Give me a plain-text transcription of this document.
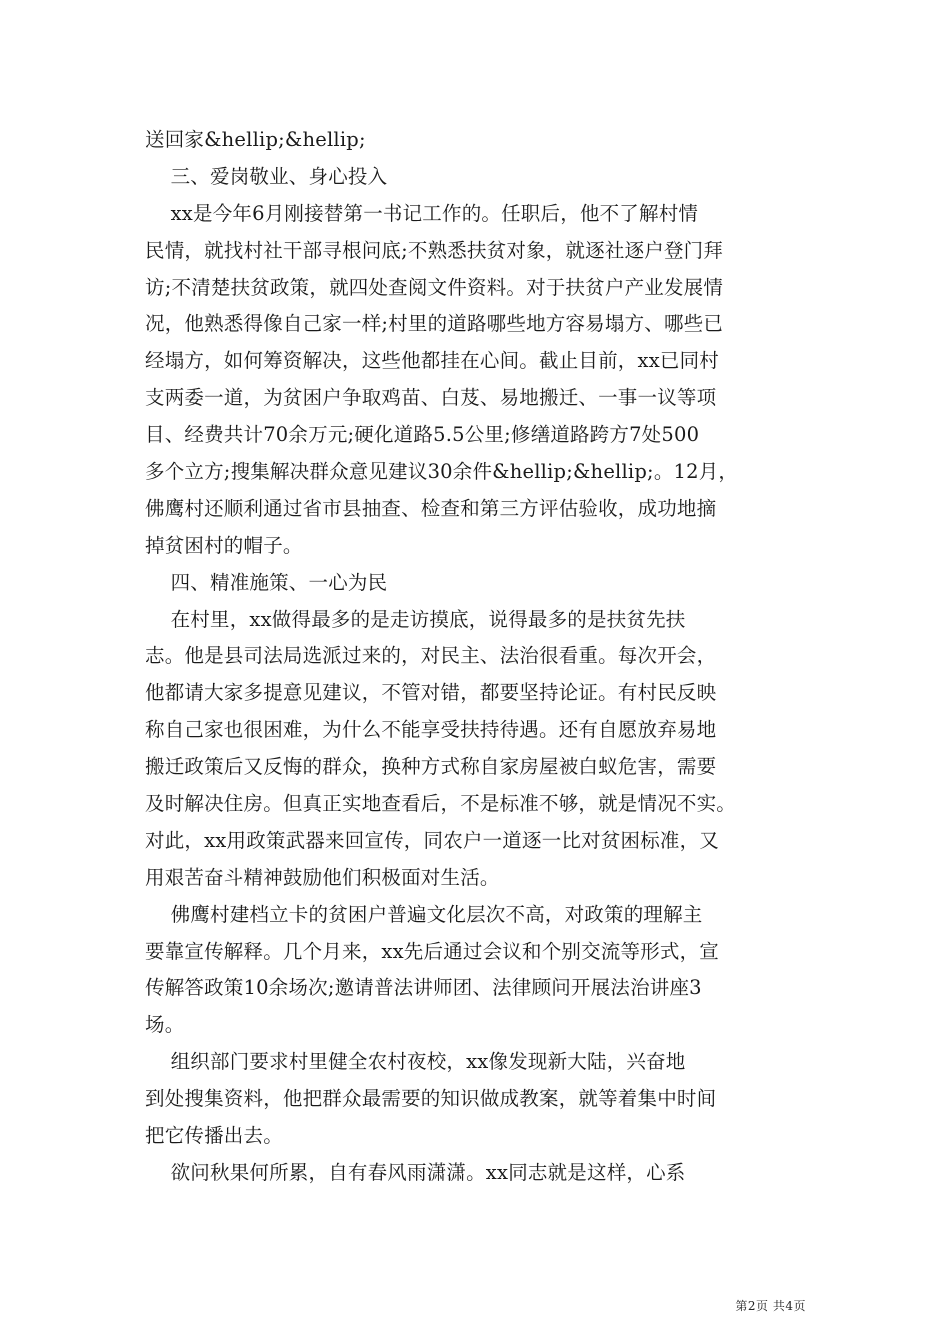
送回家&hellip;&hellip;
三、爱岗敬业、身心投入
xx是今年6月刚接替第一书记工作的。任职后，他不了解村情
民情，就找村社干部寻根问底;不熟悉扶贫对象，就逐社逐户登门拜
访;不清楚扶贫政策，就四处查阅文件资料。对于扶贫户产业发展情
况，他熟悉得像自己家一样;村里的道路哪些地方容易塌方、哪些已
经塌方，如何筹资解决，这些他都挂在心间。截止目前，xx已同村
支两委一道，为贫困户争取鸡苗、白芨、易地搬迁、一事一议等项
目、经费共计70余万元;硬化道路5.5公里;修缮道路跨方7处500
多个立方;搜集解决群众意见建议30余件&hellip;&hellip;。12月，
佛鹰村还顺利通过省市县抽查、检查和第三方评估验收，成功地摘
掉贫困村的帽子。
四、精准施策、一心为民
在村里，xx做得最多的是走访摸底，说得最多的是扶贫先扶
志。他是县司法局选派过来的，对民主、法治很看重。每次开会，
他都请大家多提意见建议，不管对错，都要坚持论证。有村民反映
称自己家也很困难，为什么不能享受扶持待遇。还有自愿放弃易地
搬迁政策后又反悔的群众，换种方式称自家房屋被白蚁危害，需要
及时解决住房。但真正实地查看后，不是标准不够，就是情况不实。
对此，xx用政策武器来回宣传，同农户一道逐一比对贫困标准，又
用艰苦奋斗精神鼓励他们积极面对生活。
佛鹰村建档立卡的贫困户普遍文化层次不高，对政策的理解主
要靠宣传解释。几个月来，xx先后通过会议和个别交流等形式，宣
传解答政策10余场次;邀请普法讲师团、法律顾问开展法治讲座3
场。
组织部门要求村里健全农村夜校，xx像发现新大陆，兴奋地
到处搜集资料，他把群众最需要的知识做成教案，就等着集中时间
把它传播出去。
欲问秋果何所累，自有春风雨潇潇。xx同志就是这样，心系
第2页 共4页
